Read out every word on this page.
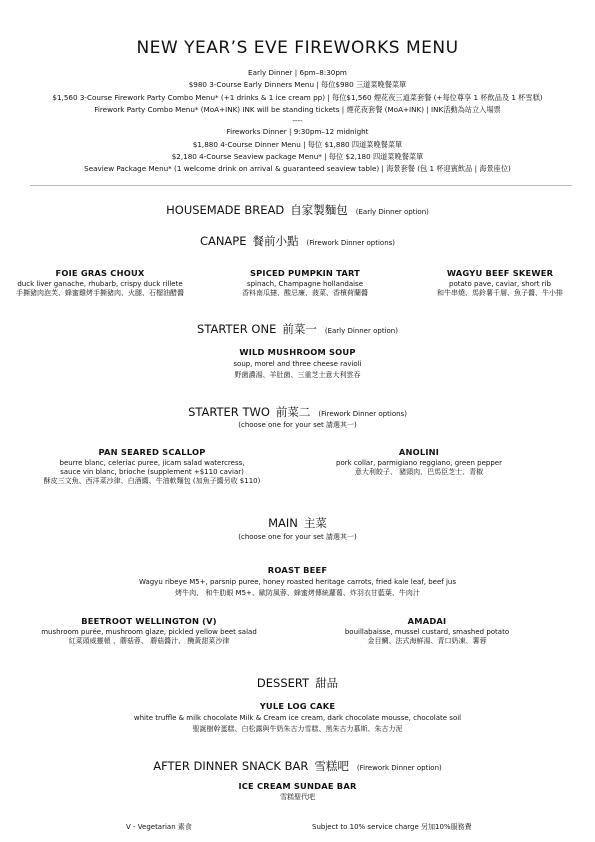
NEW YEAR’S EVE FIREWORKS MENU
Early Dinner | 6pm–8:30pm
$980 3-Course Early Dinners Menu | 每位$980 三道菜晚餐菜單
$1,560 3-Course Firework Party Combo Menu* (+1 drinks & 1 ice cream pp) | 每位$1,560 煙花夜三道菜套餐 (+每位尊享 1 杯飲品及 1 杯雪糕)
Firework Party Combo Menu* (MoA+INK) INK will be standing tickets | 煙花夜套餐 (MoA+INK) | INK活動為站立入場票
----
Fireworks Dinner | 9:30pm–12 midnight
$1,880 4-Course Dinner Menu | 每位 $1,880 四道菜晚餐菜單
$2,180 4-Course Seaview package Menu* | 每位 $2,180 四道菜晚餐菜單
Seaview Package Menu* (1 welcome drink on arrival & guaranteed seaview table) | 海景套餐 (包 1 杯迎賓飲品 | 海景座位)
HOUSEMADE BREAD 自家製麵包 (Early Dinner option)
CANAPE 餐前小點 (Firework Dinner options)
FOIE GRAS CHOUX
duck liver ganache, rhubarb, crispy duck rillete
手撕豬肉泡芙、蜂蜜雞烤手撕豬肉、火腿、石榴油醋醬
SPICED PUMPKIN TART
spinach, Champagne hollandaise
香料南瓜撻、酸忌廉、菠菜、香檳荷蘭醬
WAGYU BEEF SKEWER
potato pave, caviar, short rib
和牛串燒、馬鈴薯千層、魚子醬、牛小排
STARTER ONE 前菜一 (Early Dinner option)
WILD MUSHROOM SOUP
soup, morel and three cheese ravioli
野菌濃湯、羊肚菌、三重芝士意大利雲吞
STARTER TWO 前菜二 (Firework Dinner options)
(choose one for your set 請選其一)
PAN SEARED SCALLOP
beurre blanc, celeriac puree, jicam salad watercress,
sauce vin blanc, brioche (supplement +$110 caviar)
酥皮三文魚、西洋菜沙律、白酒醬、牛油軟麵包 (加魚子醬另收 $110)
ANOLINI
pork collar, parmigiano reggiano, green pepper
意大利餃子、 豬頸肉、巴馬臣芝士、青椒
MAIN 主菜
(choose one for your set 請選其一)
ROAST BEEF
Wagyu ribeye M5+, parsnip puree, honey roasted heritage carrots, fried kale leaf, beef jus
烤牛肉、 和牛肋眼 M5+、歐防風蓉、蜂蜜烤傳統蘿蔔、炸羽衣甘藍葉、牛肉汁
BEETROOT WELLINGTON (V)
mushroom purée, mushroom glaze, pickled yellow beet salad
紅菜頭威靈頓 、蘑菇蓉、 蘑菇醬汁、 醃黃甜菜沙律
AMADAI
bouillabaisse, mussel custard, smashed potato
金目鯛、法式海鮮湯、青口奶凍、薯蓉
DESSERT 甜品
YULE LOG CAKE
white truffle & milk chocolate Milk & Cream ice cream, dark chocolate mousse, chocolate soil
聖誕樹幹蛋糕、白松露與牛奶朱古力雪糕、黑朱古力慕斯、朱古力泥
AFTER DINNER SNACK BAR 雪糕吧 (Firework Dinner option)
ICE CREAM SUNDAE BAR
雪糕聖代吧
V - Vegetarian 素食	Subject to 10% service charge 另加10%服務費
